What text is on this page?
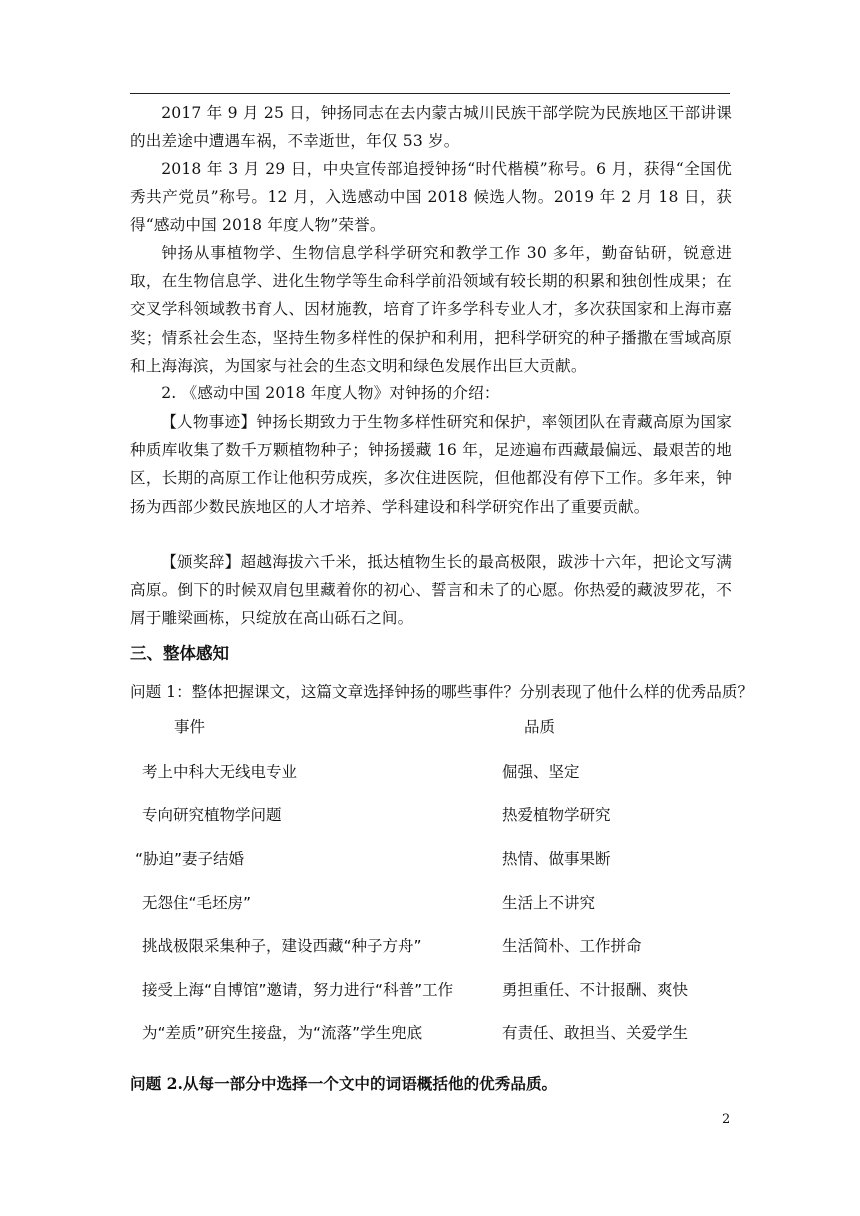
2017 年 9 月 25 日，钟扬同志在去内蒙古城川民族干部学院为民族地区干部讲课的出差途中遭遇车祸，不幸逝世，年仅 53 岁。

2018 年 3 月 29 日，中央宣传部追授钟扬“时代楷模”称号。6 月，获得“全国优秀共产党员”称号。12 月，入选感动中国 2018 候选人物。2019 年 2 月 18 日，获得“感动中国 2018 年度人物”荣誉。

钟扬从事植物学、生物信息学科学研究和教学工作 30 多年，勤奋钻研，锐意进取，在生物信息学、进化生物学等生命科学前沿领域有较长期的积累和独创性成果；在交叉学科领域教书育人、因材施教，培育了许多学科专业人才，多次获国家和上海市嘉奖；情系社会生态，坚持生物多样性的保护和利用，把科学研究的种子播撒在雪域高原和上海海滨，为国家与社会的生态文明和绿色发展作出巨大贡献。

2. 《感动中国 2018 年度人物》对钟扬的介绍：

【人物事迹】钟扬长期致力于生物多样性研究和保护，率领团队在青藏高原为国家种质库收集了数千万颗植物种子；钟扬援藏 16 年，足迹遍布西藏最偏远、最艰苦的地区，长期的高原工作让他积劳成疾，多次住进医院，但他都没有停下工作。多年来，钟扬为西部少数民族地区的人才培养、学科建设和科学研究作出了重要贡献。

【颁奖辞】超越海拔六千米，抵达植物生长的最高极限，跋涉十六年，把论文写满高原。倒下的时候双肩包里藏着你的初心、誓言和未了的心愿。你热爱的藏波罗花，不屑于雕梁画栋，只绽放在高山砾石之间。

三、整体感知

问题 1：整体把握课文，这篇文章选择钟扬的哪些事件？分别表现了他什么样的优秀品质？

事件	品质
考上中科大无线电专业	倔强、坚定
专向研究植物学问题	热爱植物学研究
“胁迫”妻子结婚	热情、做事果断
无怨住“毛坯房”	生活上不讲究
挑战极限采集种子，建设西藏“种子方舟”	生活简朴、工作拼命
接受上海“自博馆”邀请，努力进行“科普”工作	勇担重任、不计报酬、爽快
为“差质”研究生接盘，为“流落”学生兜底	有责任、敢担当、关爱学生

问题 2.从每一部分中选择一个文中的词语概括他的优秀品质。

2
